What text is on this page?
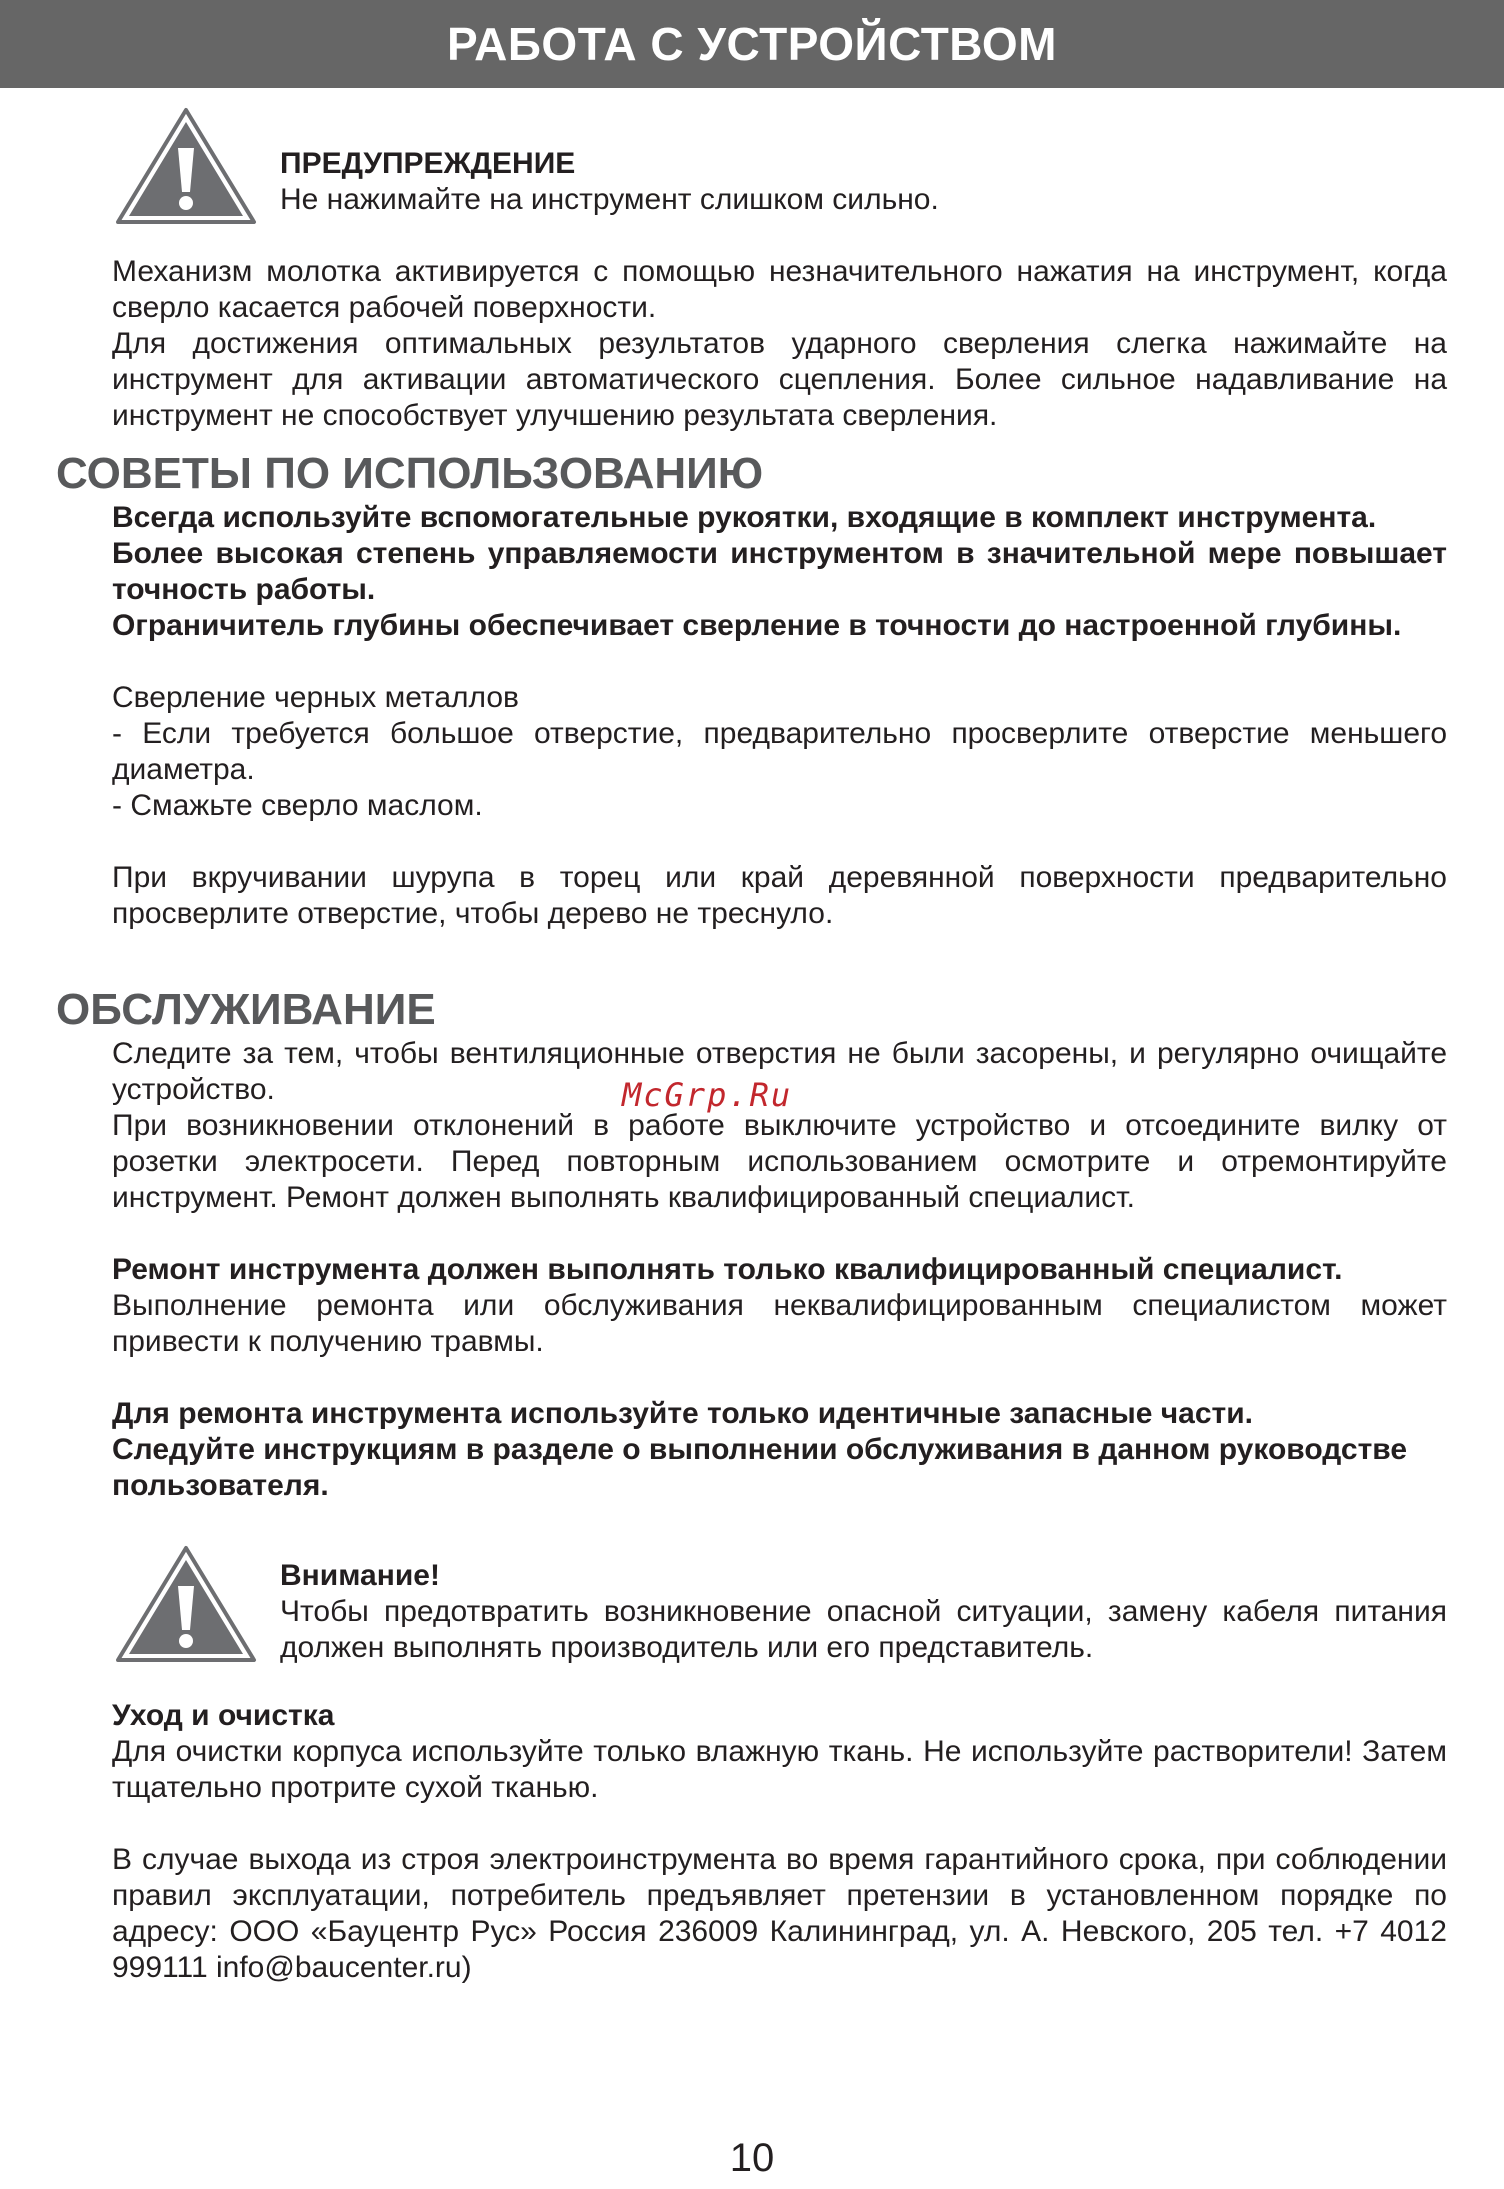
РАБОТА С УСТРОЙСТВОМ
ПРЕДУПРЕЖДЕНИЕ
Не нажимайте на инструмент слишком сильно.

Механизм молотка активируется с помощью незначительного нажатия на инструмент, когда сверло касается рабочей поверхности.

Для достижения оптимальных результатов ударного сверления слегка нажимайте на инструмент для активации автоматического сцепления. Более сильное надавливание на инструмент не способствует улучшению результата сверления.

СОВЕТЫ ПО ИСПОЛЬЗОВАНИЮ

Всегда используйте вспомогательные рукоятки, входящие в комплект инструмента.

Более высокая степень управляемости инструментом в значительной мере повышает точность работы.

Ограничитель глубины обеспечивает сверление в точности до настроенной глубины.

Сверление черных металлов

- Если требуется большое отверстие, предварительно просверлите отверстие меньшего диаметра.

- Смажьте сверло маслом.

При вкручивании шурупа в торец или край деревянной поверхности предварительно просверлите отверстие, чтобы дерево не треснуло.

ОБСЛУЖИВАНИЕ

Следите за тем, чтобы вентиляционные отверстия не были засорены, и регулярно очищайте устройство.

При возникновении отклонений в работе выключите устройство и отсоедините вилку от розетки электросети. Перед повторным использованием осмотрите и отремонтируйте инструмент. Ремонт должен выполнять квалифицированный специалист.

Ремонт инструмента должен выполнять только квалифицированный специалист.

Выполнение ремонта или обслуживания неквалифицированным специалистом может привести к получению травмы.

Для ремонта инструмента используйте только идентичные запасные части.

Следуйте инструкциям в разделе о выполнении обслуживания в данном руководстве пользователя.

McGrp.Ru
Внимание!

Чтобы предотвратить возникновение опасной ситуации, замену кабеля питания должен выполнять производитель или его представитель.

Уход и очистка

Для очистки корпуса используйте только влажную ткань. Не используйте растворители! Затем тщательно протрите сухой тканью.

В случае выхода из строя электроинструмента во время гарантийного срока, при соблюдении правил эксплуатации, потребитель предъявляет претензии в установленном порядке по адресу: ООО «Бауцентр Рус» Россия 236009 Калининград, ул. А. Невского, 205 тел. +7 4012 999111 info@baucenter.ru)

10
